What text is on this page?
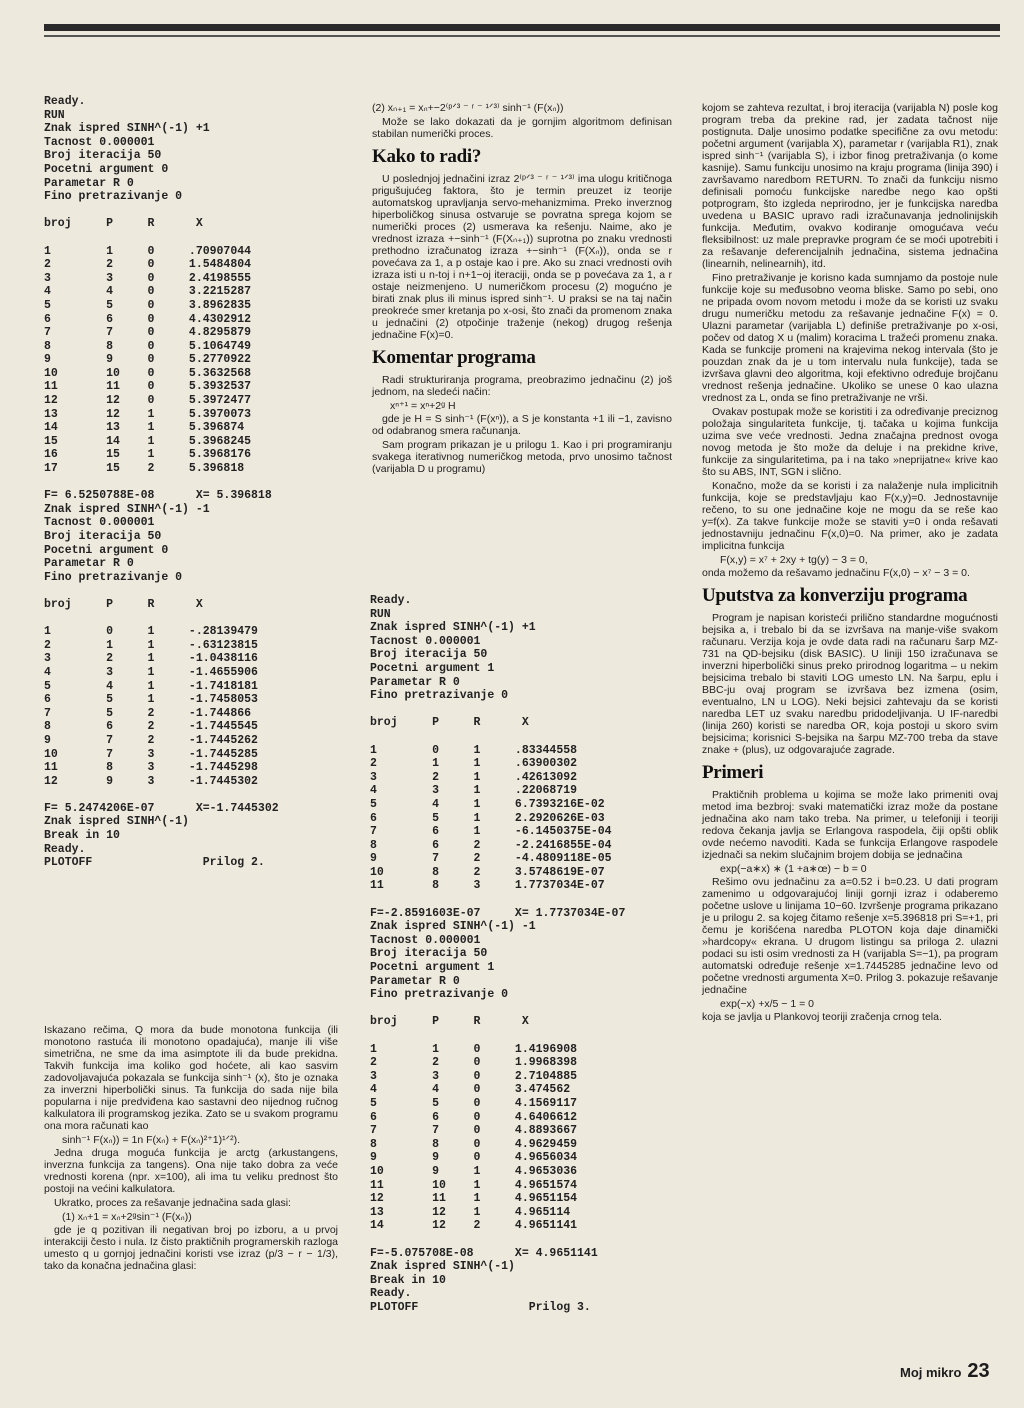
Ready.
RUN
Znak ispred SINH^(-1) +1
Tacnost 0.000001
Broj iteracija 50
Pocetni argument 0
Parametar R 0
Fino pretrazivanje 0

broj     P     R      X

1        1     0     .70907044
2        2     0     1.5484804
3        3     0     2.4198555
4        4     0     3.2215287
5        5     0     3.8962835
6        6     0     4.4302912
7        7     0     4.8295879
8        8     0     5.1064749
9        9     0     5.2770922
10       10    0     5.3632568
11       11    0     5.3932537
12       12    0     5.3972477
13       12    1     5.3970073
14       13    1     5.396874
15       14    1     5.3968245
16       15    1     5.3968176
17       15    2     5.396818

F= 6.5250788E-08      X= 5.396818
Znak ispred SINH^(-1) -1
Tacnost 0.000001
Broj iteracija 50
Pocetni argument 0
Parametar R 0
Fino pretrazivanje 0

broj     P     R      X

1        0     1     -.28139479
2        1     1     -.63123815
3        2     1     -1.0438116
4        3     1     -1.4655906
5        4     1     -1.7418181
6        5     1     -1.7458053
7        5     2     -1.744866
8        6     2     -1.7445545
9        7     2     -1.7445262
10       7     3     -1.7445285
11       8     3     -1.7445298
12       9     3     -1.7445302

F= 5.2474206E-07      X=-1.7445302
Znak ispred SINH^(-1)
Break in 10
Ready.
PLOTOFF                Prilog 2.

Iskazano rečima, Q mora da bude monotona funkcija (ili monotono rastuća ili monotono opadajuća), manje ili više simetrična, ne sme da ima asimptote ili da bude prekidna. Takvih funkcija ima koliko god hoćete, ali kao sasvim zadovoljavajuća pokazala se funkcija sinh⁻¹ (x), što je oznaka za inverzni hiperbolički sinus. Ta funkcija do sada nije bila popularna i nije predviđena kao sastavni deo nijednog ručnog kalkulatora ili programskog jezika. Zato se u svakom programu ona mora računati kao

sinh⁻¹ F(xₙ)) = 1n F(xₙ) + F(xₙ)²⁺1)¹ᐟ²).

Jedna druga moguća funkcija je arctg (arkustangens, inverzna funkcija za tangens). Ona nije tako dobra za veće vrednosti korena (npr. x=100), ali ima tu veliku prednost što postoji na većini kalkulatora.

Ukratko, proces za rešavanje jednačina sada glasi:

(1) xₙ+1 = xₙ+2ᵍsin⁻¹ (F(xₙ))

gde je q pozitivan ili negativan broj po izboru, a u prvoj interakciji često i nula. Iz čisto praktičnih programerskih razloga umesto q u gornjoj jednačini koristi vse izraz (p/3 − r − 1/3), tako da konačna jednačina glasi:

(2) xₙ₊₁ = xₙ+−2⁽ᵖᐟ³ ⁻ ʳ ⁻ ¹ᐟ³⁾ sinh⁻¹ (F(xₙ))

Može se lako dokazati da je gornjim algoritmom definisan stabilan numerički proces.

Kako to radi?

U poslednjoj jednačini izraz 2⁽ᵖᐟ³ ⁻ ʳ ⁻ ¹ᐟ³⁾ ima ulogu kritičnoga prigušujućeg faktora, što je termin preuzet iz teorije automatskog upravljanja servo-mehanizmima. Preko inverznog hiperboličkog sinusa ostvaruje se povratna sprega kojom se numerički proces (2) usmerava ka rešenju. Naime, ako je vrednost izraza +−sinh⁻¹ (F(Xₙ₊₁)) suprotna po znaku vrednosti prethodno izračunatog izraza +−sinh⁻¹ (F(Xₙ)), onda se r povećava za 1, a p ostaje kao i pre. Ako su znaci vrednosti ovih izraza isti u n-toj i n+1−oj iteraciji, onda se p povećava za 1, a r ostaje neizmenjeno. U numeričkom procesu (2) mogućno je birati znak plus ili minus ispred sinh⁻¹. U praksi se na taj način preokreće smer kretanja po x-osi, što znači da promenom znaka u jednačini (2) otpočinje traženje (nekog) drugog rešenja jednačine F(x)=0.

Komentar programa

Radi strukturiranja programa, preobrazimo jednačinu (2) još jednom, na sledeći način:

xⁿ⁺¹ = xⁿ+2ᵍ H

gde je H = S sinh⁻¹ (F(xⁿ)), a S je konstanta +1 ili −1, zavisno od odabranog smera računanja.

Sam program prikazan je u prilogu 1. Kao i pri programiranju svakega iterativnog numeričkog metoda, prvo unosimo tačnost (varijabla D u programu)

Ready.
RUN
Znak ispred SINH^(-1) +1
Tacnost 0.000001
Broj iteracija 50
Pocetni argument 1
Parametar R 0
Fino pretrazivanje 0

broj     P     R      X

1        0     1     .83344558
2        1     1     .63900302
3        2     1     .42613092
4        3     1     .22068719
5        4     1     6.7393216E-02
6        5     1     2.2920626E-03
7        6     1     -6.1450375E-04
8        6     2     -2.2416855E-04
9        7     2     -4.4809118E-05
10       8     2     3.5748619E-07
11       8     3     1.7737034E-07

F=-2.8591603E-07     X= 1.7737034E-07
Znak ispred SINH^(-1) -1
Tacnost 0.000001
Broj iteracija 50
Pocetni argument 1
Parametar R 0
Fino pretrazivanje 0

broj     P     R      X

1        1     0     1.4196908
2        2     0     1.9968398
3        3     0     2.7104885
4        4     0     3.474562
5        5     0     4.1569117
6        6     0     4.6406612
7        7     0     4.8893667
8        8     0     4.9629459
9        9     0     4.9656034
10       9     1     4.9653036
11       10    1     4.9651574
12       11    1     4.9651154
13       12    1     4.965114
14       12    2     4.9651141

F=-5.075708E-08      X= 4.9651141
Znak ispred SINH^(-1)
Break in 10
Ready.
PLOTOFF                Prilog 3.

kojom se zahteva rezultat, i broj iteracija (varijabla N) posle kog program treba da prekine rad, jer zadata tačnost nije postignuta. Dalje unosimo podatke specifične za ovu metodu: početni argument (varijabla X), parametar r (varijabla R1), znak ispred sinh⁻¹ (varijabla S), i izbor finog pretraživanja (o kome kasnije). Samu funkciju unosimo na kraju programa (linija 390) i završavamo naredbom RETURN. To znači da funkciju nismo definisali pomoću funkcijske naredbe nego kao opšti potprogram, što izgleda neprirodno, jer je funkcijska naredba uvedena u BASIC upravo radi izračunavanja jednolinijskih funkcija. Međutim, ovakvo kodiranje omogućava veću fleksibilnost: uz male prepravke program će se moći upotrebiti i za rešavanje deferencijalnih jednačina, sistema jednačina (linearnih, nelinearnih), itd.

Fino pretraživanje je korisno kada sumnjamo da postoje nule funkcije koje su međusobno veoma bliske. Samo po sebi, ono ne pripada ovom novom metodu i može da se koristi uz svaku drugu numeričku metodu za rešavanje jednačine F(x) = 0. Ulazni parametar (varijabla L) definiše pretraživanje po x-osi, počev od datog X u (malim) koracima L tražeći promenu znaka. Kada se funkcije promeni na krajevima nekog intervala (što je pouzdan znak da je u tom intervalu nula funkcije), tada se izvršava glavni deo algoritma, koji efektivno određuje brojčanu vrednost rešenja jednačine. Ukoliko se unese 0 kao ulazna vrednost za L, onda se fino pretraživanje ne vrši.

Ovakav postupak može se koristiti i za određivanje preciznog položaja singulariteta funkcije, tj. tačaka u kojima funkcija uzima sve veće vrednosti. Jedna značajna prednost ovoga novog metoda je što može da deluje i na prekidne krive, funkcije za singularitetima, pa i na tako »neprijatne« krive kao što su ABS, INT, SGN i slično.

Konačno, može da se koristi i za nalaženje nula implicitnih funkcija, koje se predstavljaju kao F(x,y)=0. Jednostavnije rečeno, to su one jednačine koje ne mogu da se reše kao y=f(x). Za takve funkcije može se staviti y=0 i onda rešavati jednostavniju jednačinu F(x,0)=0. Na primer, ako je zadata implicitna funkcija

F(x,y) = x⁷ + 2xy + tg(y) − 3 = 0,

onda možemo da rešavamo jednačinu F(x,0) − x⁷ − 3 = 0.

Uputstva za konverziju programa

Program je napisan koristeći prilično standardne mogućnosti bejsika a, i trebalo bi da se izvršava na manje-više svakom računaru. Verzija koja je ovde data radi na računaru šarp MZ-731 na QD-bejsiku (disk BASIC). U liniji 150 izračunava se inverzni hiperbolički sinus preko prirodnog logaritma – u nekim bejsicima trebalo bi staviti LOG umesto LN. Na šarpu, eplu i BBC-ju ovaj program se izvršava bez izmena (osim, eventualno, LN u LOG). Neki bejsici zahtevaju da se koristi naredba LET uz svaku naredbu pridodeljivanja. U IF-naredbi (linija 260) koristi se naredba OR, koja postoji u skoro svim bejsicima; korisnici S-bejsika na šarpu MZ-700 treba da stave znake + (plus), uz odgovarajuće zagrade.

Primeri

Praktičnih problema u kojima se može lako primeniti ovaj metod ima bezbroj: svaki matematički izraz može da postane jednačina ako nam tako treba. Na primer, u telefoniji i teoriji redova čekanja javlja se Erlangova raspodela, čiji opšti oblik ovde nećemo navoditi. Kada se funkcija Erlangove raspodele izjednači sa nekim slučajnim brojem dobija se jednačina

exp(−a∗x) ∗ (1 +a∗œ) − b = 0

Rešimo ovu jednačinu za a=0.52 i b=0.23. U dati program zamenimo u odgovarajućoj liniji gornji izraz i odaberemo početne uslove u linijama 10−60. Izvršenje programa prikazano je u prilogu 2. sa kojeg čitamo rešenje x=5.396818 pri S=+1, pri čemu je korišćena naredba PLOTON koja daje dinamički »hardcopy« ekrana. U drugom listingu sa priloga 2. ulazni podaci su isti osim vrednosti za H (varijabla S=−1), pa program automatski određuje rešenje x=1.7445285 jednačine levo od početne vrednosti argumenta X=0. Prilog 3. pokazuje rešavanje jednačine

exp(−x) +x/5 − 1 = 0

koja se javlja u Plankovoj teoriji zračenja crnog tela.

Moj mikro 23
